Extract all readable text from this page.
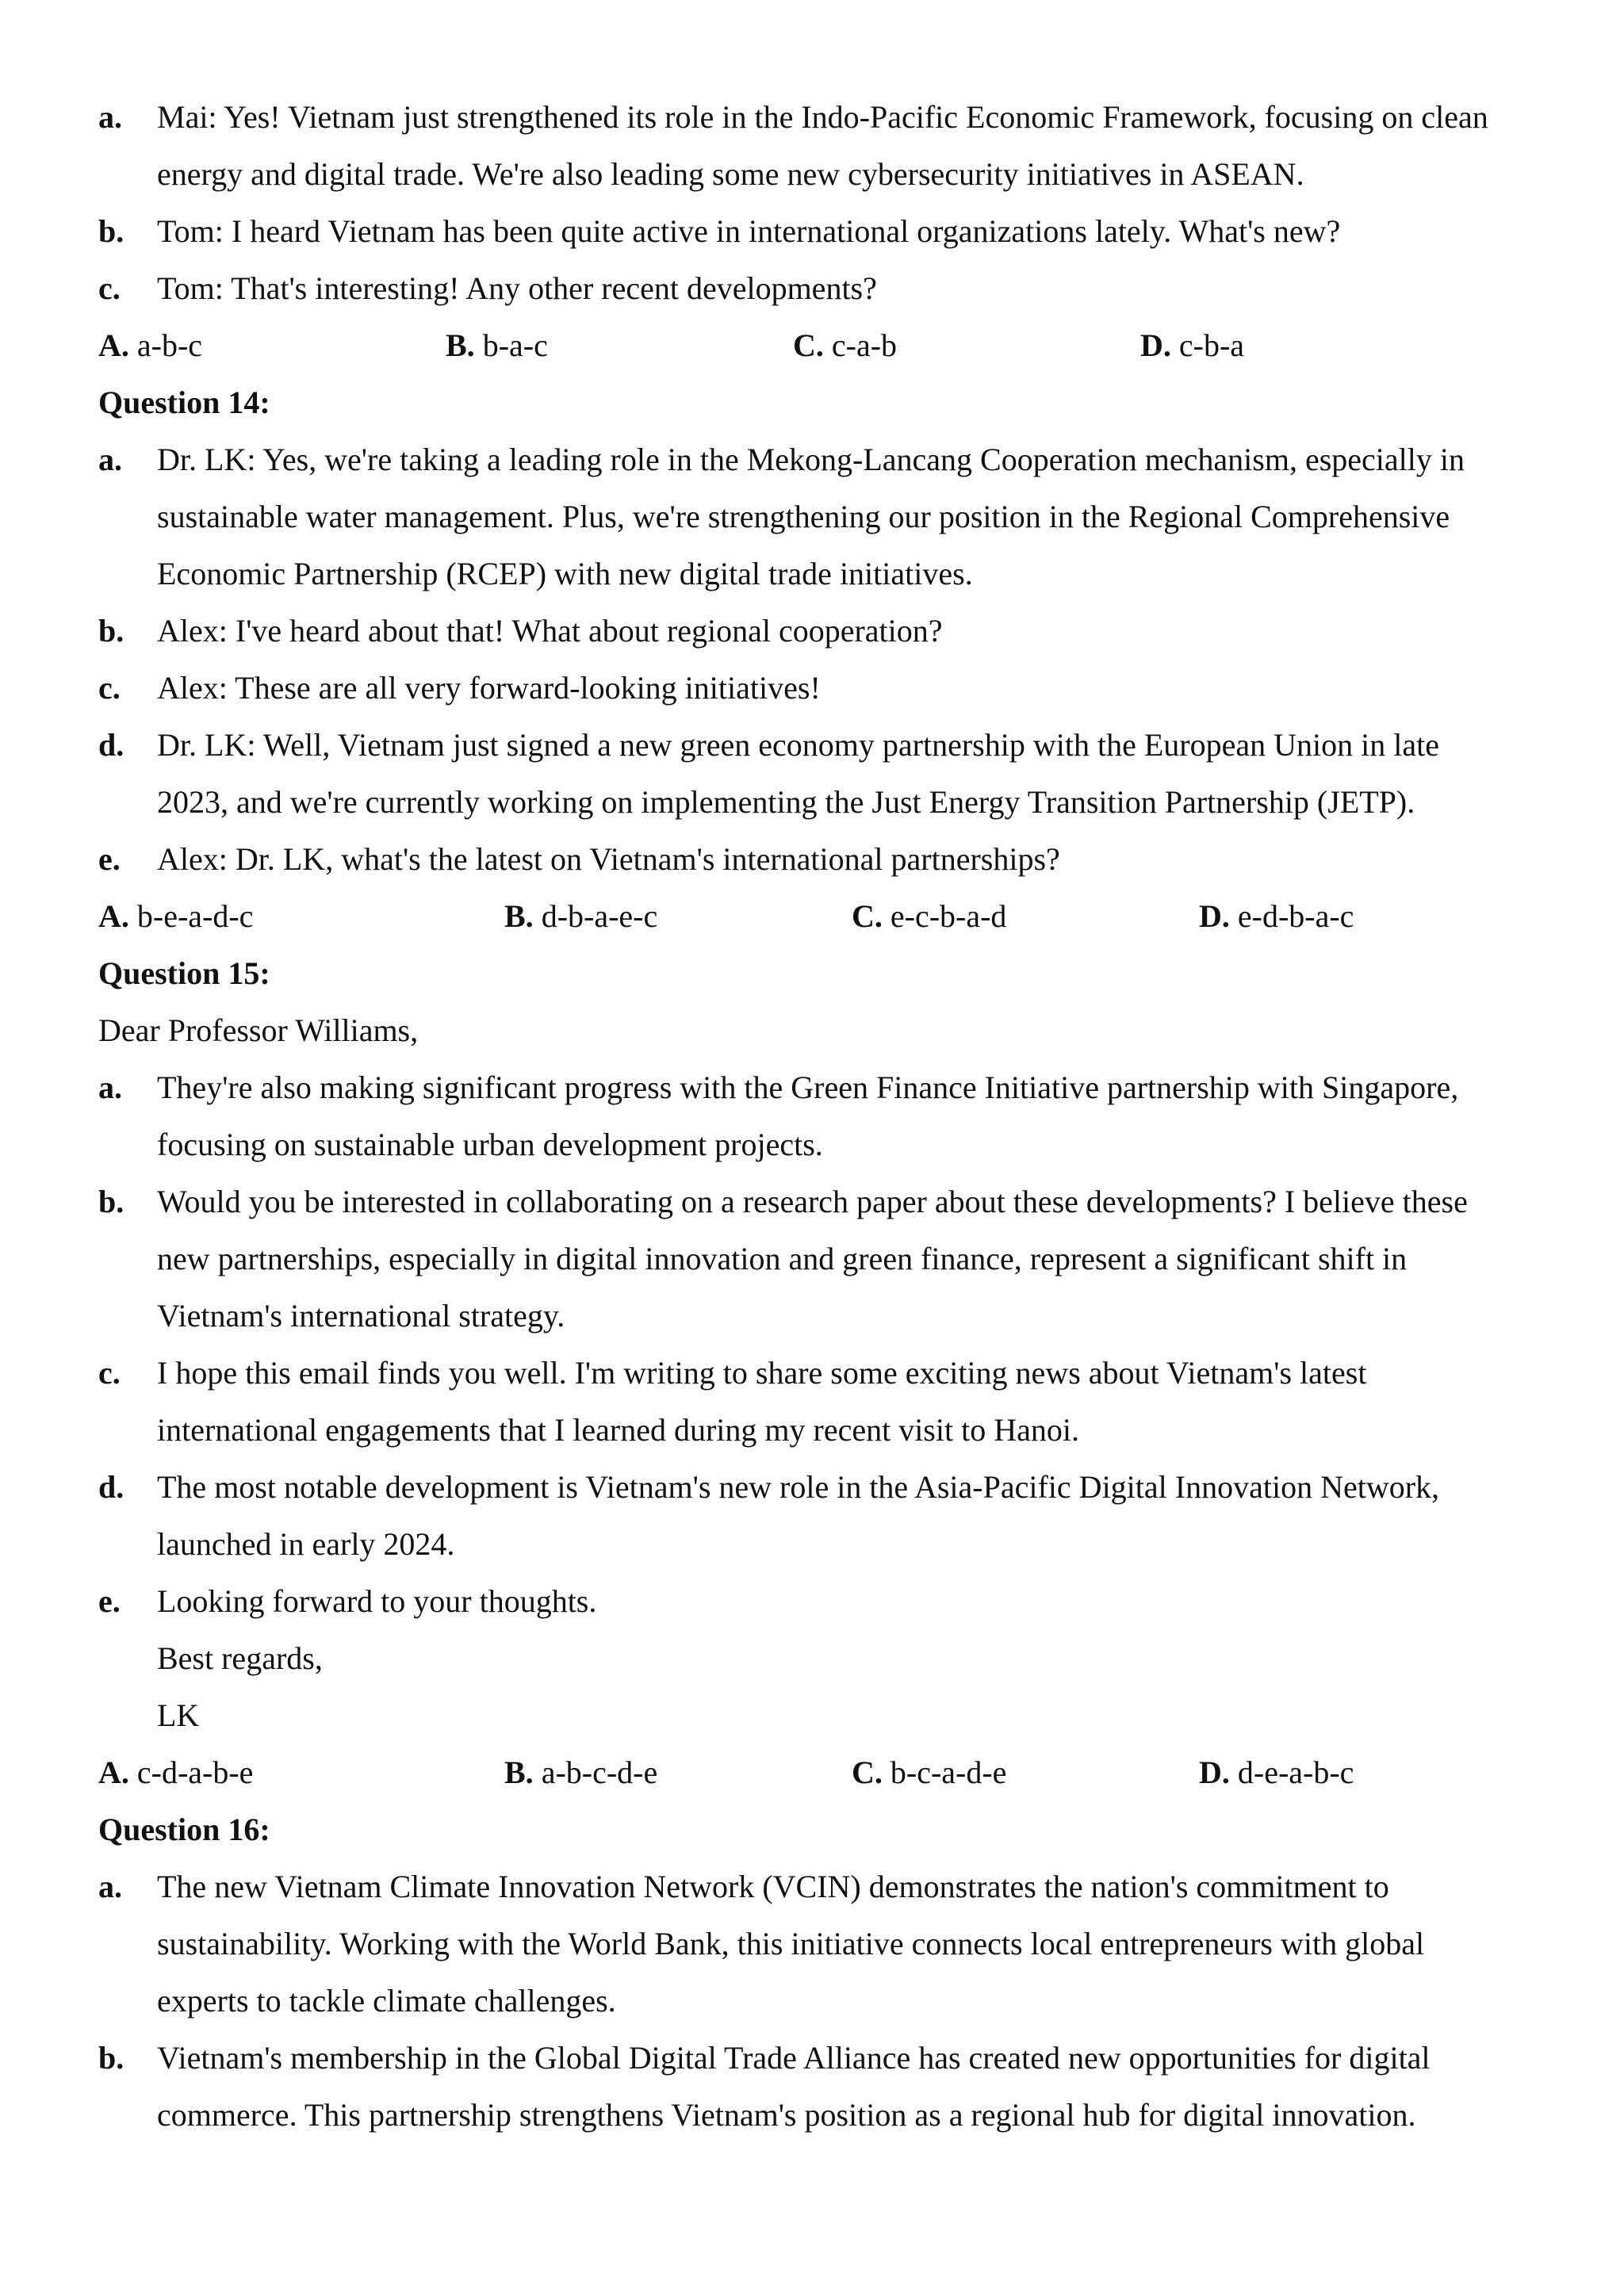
a. Mai: Yes! Vietnam just strengthened its role in the Indo-Pacific Economic Framework, focusing on clean
energy and digital trade. We're also leading some new cybersecurity initiatives in ASEAN.
b. Tom: I heard Vietnam has been quite active in international organizations lately. What's new?
c. Tom: That's interesting! Any other recent developments?
A. a-b-c	B. b-a-c	C. c-a-b	D. c-b-a
Question 14:
a. Dr. LK: Yes, we're taking a leading role in the Mekong-Lancang Cooperation mechanism, especially in
sustainable water management. Plus, we're strengthening our position in the Regional Comprehensive
Economic Partnership (RCEP) with new digital trade initiatives.
b. Alex: I've heard about that! What about regional cooperation?
c. Alex: These are all very forward-looking initiatives!
d. Dr. LK: Well, Vietnam just signed a new green economy partnership with the European Union in late
2023, and we're currently working on implementing the Just Energy Transition Partnership (JETP).
e. Alex: Dr. LK, what's the latest on Vietnam's international partnerships?
A. b-e-a-d-c	B. d-b-a-e-c	C. e-c-b-a-d	D. e-d-b-a-c
Question 15:
Dear Professor Williams,
a. They're also making significant progress with the Green Finance Initiative partnership with Singapore,
focusing on sustainable urban development projects.
b. Would you be interested in collaborating on a research paper about these developments? I believe these
new partnerships, especially in digital innovation and green finance, represent a significant shift in
Vietnam's international strategy.
c. I hope this email finds you well. I'm writing to share some exciting news about Vietnam's latest
international engagements that I learned during my recent visit to Hanoi.
d. The most notable development is Vietnam's new role in the Asia-Pacific Digital Innovation Network,
launched in early 2024.
e. Looking forward to your thoughts.
Best regards,
LK
A. c-d-a-b-e	B. a-b-c-d-e	C. b-c-a-d-e	D. d-e-a-b-c
Question 16:
a. The new Vietnam Climate Innovation Network (VCIN) demonstrates the nation's commitment to
sustainability. Working with the World Bank, this initiative connects local entrepreneurs with global
experts to tackle climate challenges.
b. Vietnam's membership in the Global Digital Trade Alliance has created new opportunities for digital
commerce. This partnership strengthens Vietnam's position as a regional hub for digital innovation.
